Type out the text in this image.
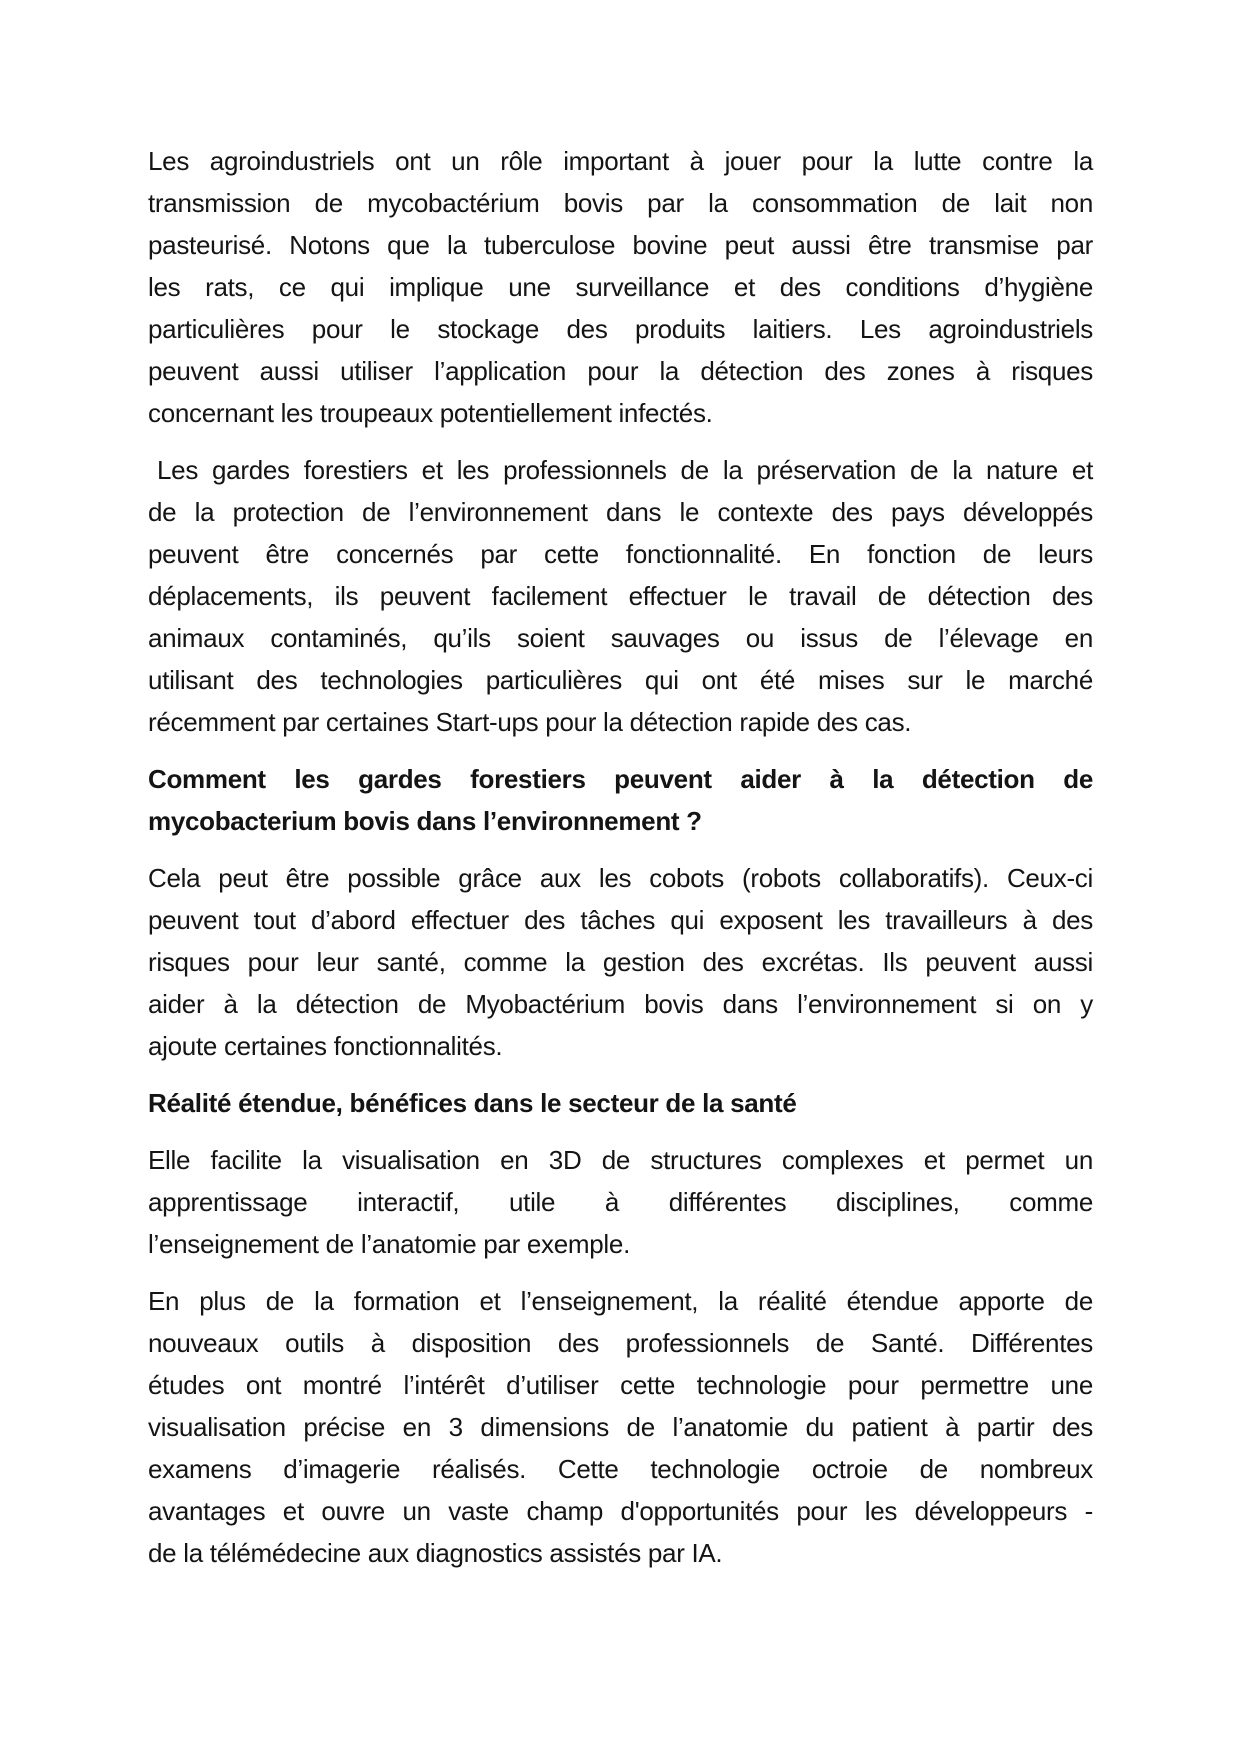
Les agroindustriels ont un rôle important à jouer pour la lutte contre la
transmission de mycobactérium bovis par la consommation de lait non
pasteurisé. Notons que la tuberculose bovine peut aussi être transmise par
les rats, ce qui implique une surveillance et des conditions d’hygiène
particulières pour le stockage des produits laitiers. Les agroindustriels
peuvent aussi utiliser l’application pour la détection des zones à risques
concernant les troupeaux potentiellement infectés.
Les gardes forestiers et les professionnels de la préservation de la nature et
de la protection de l’environnement dans le contexte des pays développés
peuvent être concernés par cette fonctionnalité. En fonction de leurs
déplacements, ils peuvent facilement effectuer le travail de détection des
animaux contaminés, qu’ils soient sauvages ou issus de l’élevage en
utilisant des technologies particulières qui ont été mises sur le marché
récemment par certaines Start-ups pour la détection rapide des cas.
Comment les gardes forestiers peuvent aider à la détection de
mycobacterium bovis dans l’environnement ?
Cela peut être possible grâce aux les cobots (robots collaboratifs). Ceux-ci
peuvent tout d’abord effectuer des tâches qui exposent les travailleurs à des
risques pour leur santé, comme la gestion des excrétas. Ils peuvent aussi
aider à la détection de Myobactérium bovis dans l’environnement si on y
ajoute certaines fonctionnalités.
Réalité étendue, bénéfices dans le secteur de la santé
Elle facilite la visualisation en 3D de structures complexes et permet un
apprentissage interactif, utile à différentes disciplines, comme
l’enseignement de l’anatomie par exemple.
En plus de la formation et l’enseignement, la réalité étendue apporte de
nouveaux outils à disposition des professionnels de Santé. Différentes
études ont montré l’intérêt d’utiliser cette technologie pour permettre une
visualisation précise en 3 dimensions de l’anatomie du patient à partir des
examens d’imagerie réalisés. Cette technologie octroie de nombreux
avantages et ouvre un vaste champ d'opportunités pour les développeurs -
de la télémédecine aux diagnostics assistés par IA.
